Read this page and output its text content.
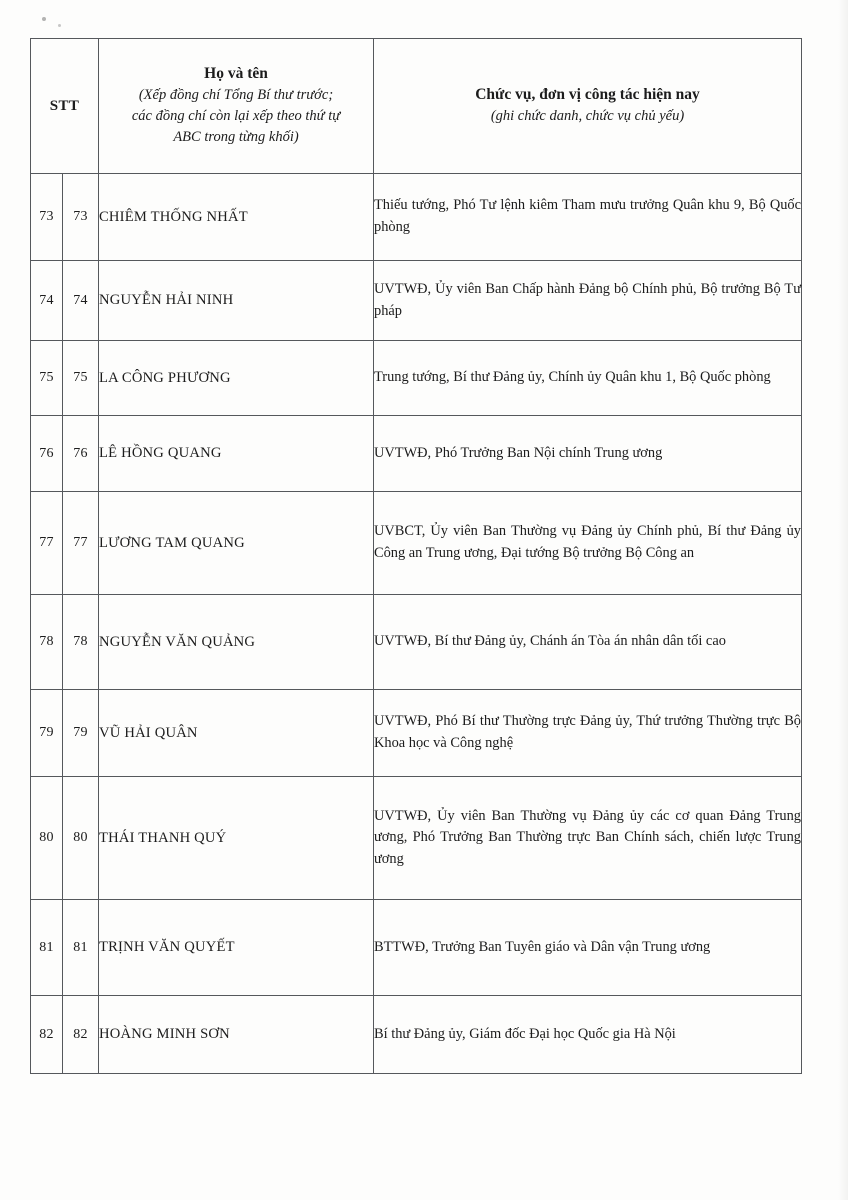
STT		Họ và tên
(Xếp đồng chí Tổng Bí thư trước;
các đồng chí còn lại xếp theo thứ tự
ABC trong từng khối)	Chức vụ, đơn vị công tác hiện nay
(ghi chức danh, chức vụ chủ yếu)

73	73	CHIÊM THỐNG NHẤT	Thiếu tướng, Phó Tư lệnh kiêm Tham mưu trưởng Quân khu 9, Bộ Quốc phòng

74	74	NGUYỄN HẢI NINH	UVTWĐ, Ủy viên Ban Chấp hành Đảng bộ Chính phủ, Bộ trưởng Bộ Tư pháp

75	75	LA CÔNG PHƯƠNG	Trung tướng, Bí thư Đảng ủy, Chính ủy Quân khu 1, Bộ Quốc phòng

76	76	LÊ HỒNG QUANG	UVTWĐ, Phó Trưởng Ban Nội chính Trung ương

77	77	LƯƠNG TAM QUANG	UVBCT, Ủy viên Ban Thường vụ Đảng ủy Chính phủ, Bí thư Đảng ủy Công an Trung ương, Đại tướng Bộ trưởng Bộ Công an

78	78	NGUYỄN VĂN QUẢNG	UVTWĐ, Bí thư Đảng ủy, Chánh án Tòa án nhân dân tối cao

79	79	VŨ HẢI QUÂN	UVTWĐ, Phó Bí thư Thường trực Đảng ủy, Thứ trưởng Thường trực Bộ Khoa học và Công nghệ

80	80	THÁI THANH QUÝ	UVTWĐ, Ủy viên Ban Thường vụ Đảng ủy các cơ quan Đảng Trung ương, Phó Trưởng Ban Thường trực Ban Chính sách, chiến lược Trung ương

81	81	TRỊNH VĂN QUYẾT	BTTWĐ, Trưởng Ban Tuyên giáo và Dân vận Trung ương

82	82	HOÀNG MINH SƠN	Bí thư Đảng ủy, Giám đốc Đại học Quốc gia Hà Nội
